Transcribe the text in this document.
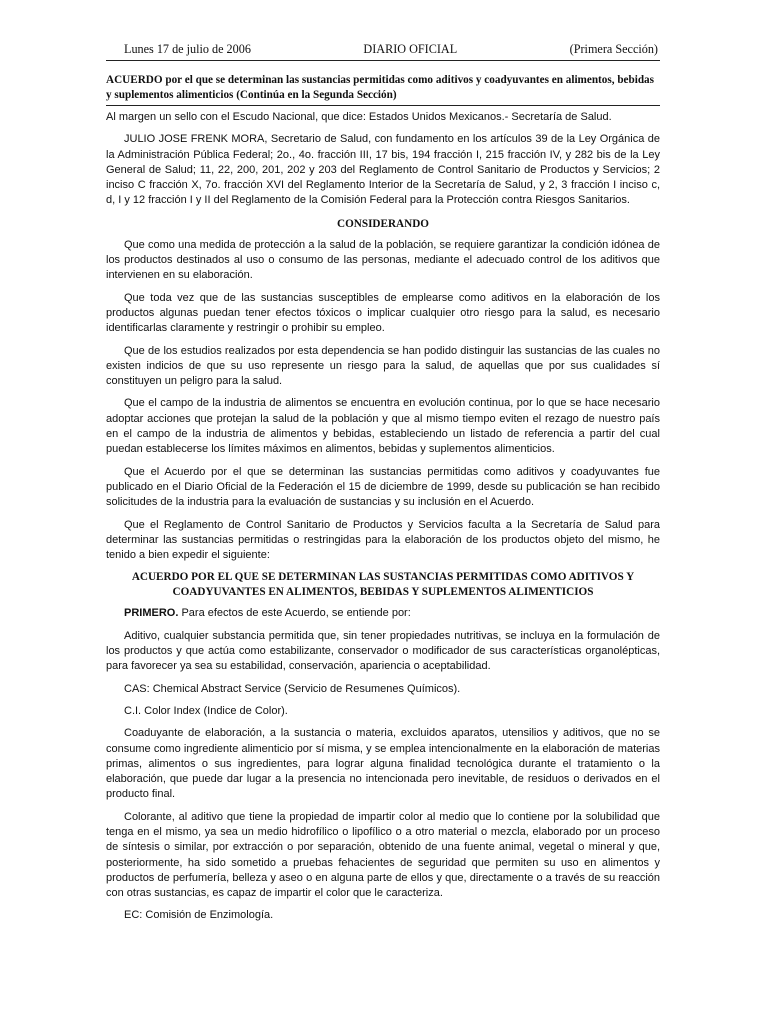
Lunes 17 de julio de 2006	DIARIO OFICIAL	(Primera Sección)
ACUERDO por el que se determinan las sustancias permitidas como aditivos y coadyuvantes en alimentos, bebidas y suplementos alimenticios (Continúa en la Segunda Sección)

Al margen un sello con el Escudo Nacional, que dice: Estados Unidos Mexicanos.- Secretaría de Salud.

JULIO JOSE FRENK MORA, Secretario de Salud, con fundamento en los artículos 39 de la Ley Orgánica de la Administración Pública Federal; 2o., 4o. fracción III, 17 bis, 194 fracción I, 215 fracción IV, y 282 bis de la Ley General de Salud; 11, 22, 200, 201, 202 y 203 del Reglamento de Control Sanitario de Productos y Servicios; 2 inciso C fracción X, 7o. fracción XVI del Reglamento Interior de la Secretaría de Salud, y 2, 3 fracción I inciso c, d, I y 12 fracción I y II del Reglamento de la Comisión Federal para la Protección contra Riesgos Sanitarios.

CONSIDERANDO

Que como una medida de protección a la salud de la población, se requiere garantizar la condición idónea de los productos destinados al uso o consumo de las personas, mediante el adecuado control de los aditivos que intervienen en su elaboración.

Que toda vez que de las sustancias susceptibles de emplearse como aditivos en la elaboración de los productos algunas puedan tener efectos tóxicos o implicar cualquier otro riesgo para la salud, es necesario identificarlas claramente y restringir o prohibir su empleo.

Que de los estudios realizados por esta dependencia se han podido distinguir las sustancias de las cuales no existen indicios de que su uso represente un riesgo para la salud, de aquellas que por sus cualidades sí constituyen un peligro para la salud.

Que el campo de la industria de alimentos se encuentra en evolución continua, por lo que se hace necesario adoptar acciones que protejan la salud de la población y que al mismo tiempo eviten el rezago de nuestro país en el campo de la industria de alimentos y bebidas, estableciendo un listado de referencia a partir del cual puedan establecerse los límites máximos en alimentos, bebidas y suplementos alimenticios.

Que el Acuerdo por el que se determinan las sustancias permitidas como aditivos y coadyuvantes fue publicado en el Diario Oficial de la Federación el 15 de diciembre de 1999, desde su publicación se han recibido solicitudes de la industria para la evaluación de sustancias y su inclusión en el Acuerdo.

Que el Reglamento de Control Sanitario de Productos y Servicios faculta a la Secretaría de Salud para determinar las sustancias permitidas o restringidas para la elaboración de los productos objeto del mismo, he tenido a bien expedir el siguiente:

ACUERDO POR EL QUE SE DETERMINAN LAS SUSTANCIAS PERMITIDAS COMO ADITIVOS Y COADYUVANTES EN ALIMENTOS, BEBIDAS Y SUPLEMENTOS ALIMENTICIOS

PRIMERO. Para efectos de este Acuerdo, se entiende por:

Aditivo, cualquier substancia permitida que, sin tener propiedades nutritivas, se incluya en la formulación de los productos y que actúa como estabilizante, conservador o modificador de sus características organolépticas, para favorecer ya sea su estabilidad, conservación, apariencia o aceptabilidad.

CAS: Chemical Abstract Service (Servicio de Resumenes Químicos).

C.I. Color Index (Indice de Color).

Coaduyante de elaboración, a la sustancia o materia, excluidos aparatos, utensilios y aditivos, que no se consume como ingrediente alimenticio por sí misma, y se emplea intencionalmente en la elaboración de materias primas, alimentos o sus ingredientes, para lograr alguna finalidad tecnológica durante el tratamiento o la elaboración, que puede dar lugar a la presencia no intencionada pero inevitable, de residuos o derivados en el producto final.

Colorante, al aditivo que tiene la propiedad de impartir color al medio que lo contiene por la solubilidad que tenga en el mismo, ya sea un medio hidrofílico o lipofílico o a otro material o mezcla, elaborado por un proceso de síntesis o similar, por extracción o por separación, obtenido de una fuente animal, vegetal o mineral y que, posteriormente, ha sido sometido a pruebas fehacientes de seguridad que permiten su uso en alimentos y productos de perfumería, belleza y aseo o en alguna parte de ellos y que, directamente o a través de su reacción con otras sustancias, es capaz de impartir el color que le caracteriza.

EC: Comisión de Enzimología.
